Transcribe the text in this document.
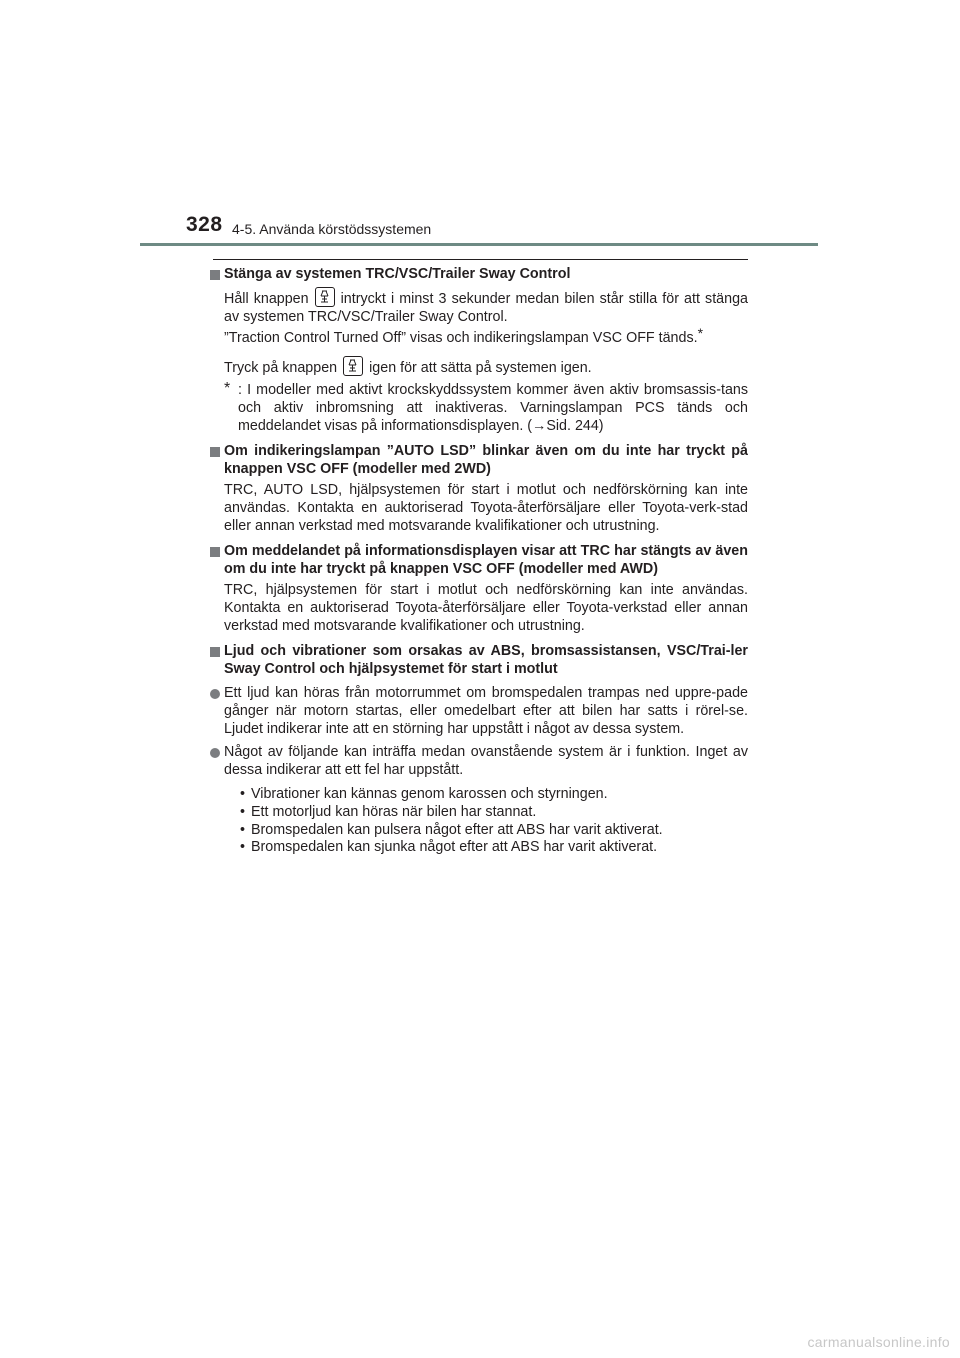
328 4-5. Använda körstödssystemen
Stänga av systemen TRC/VSC/Trailer Sway Control

Håll knappen intryckt i minst 3 sekunder medan bilen står stilla för att stänga av systemen TRC/VSC/Trailer Sway Control.

”Traction Control Turned Off” visas och indikeringslampan VSC OFF tänds.*

Tryck på knappen igen för att sätta på systemen igen.

* : I modeller med aktivt krockskyddssystem kommer även aktiv bromsassis-tans och aktiv inbromsning att inaktiveras. Varningslampan PCS tänds och meddelandet visas på informationsdisplayen. (→Sid. 244)
Om indikeringslampan ”AUTO LSD” blinkar även om du inte har tryckt på knappen VSC OFF (modeller med 2WD)
TRC, AUTO LSD, hjälpsystemen för start i motlut och nedförskörning kan inte användas. Kontakta en auktoriserad Toyota-återförsäljare eller Toyota-verk-stad eller annan verkstad med motsvarande kvalifikationer och utrustning.
Om meddelandet på informationsdisplayen visar att TRC har stängts av även om du inte har tryckt på knappen VSC OFF (modeller med AWD)
TRC, hjälpsystemen för start i motlut och nedförskörning kan inte användas. Kontakta en auktoriserad Toyota-återförsäljare eller Toyota-verkstad eller annan verkstad med motsvarande kvalifikationer och utrustning.
Ljud och vibrationer som orsakas av ABS, bromsassistansen, VSC/Trai-ler Sway Control och hjälpsystemet för start i motlut
Ett ljud kan höras från motorrummet om bromspedalen trampas ned uppre-pade gånger när motorn startas, eller omedelbart efter att bilen har satts i rörel-se. Ljudet indikerar inte att en störning har uppstått i något av dessa system.
Något av följande kan inträffa medan ovanstående system är i funktion. Inget av dessa indikerar att ett fel har uppstått.
• Vibrationer kan kännas genom karossen och styrningen.
• Ett motorljud kan höras när bilen har stannat.
• Bromspedalen kan pulsera något efter att ABS har varit aktiverat.
• Bromspedalen kan sjunka något efter att ABS har varit aktiverat.
carmanualsonline.info
